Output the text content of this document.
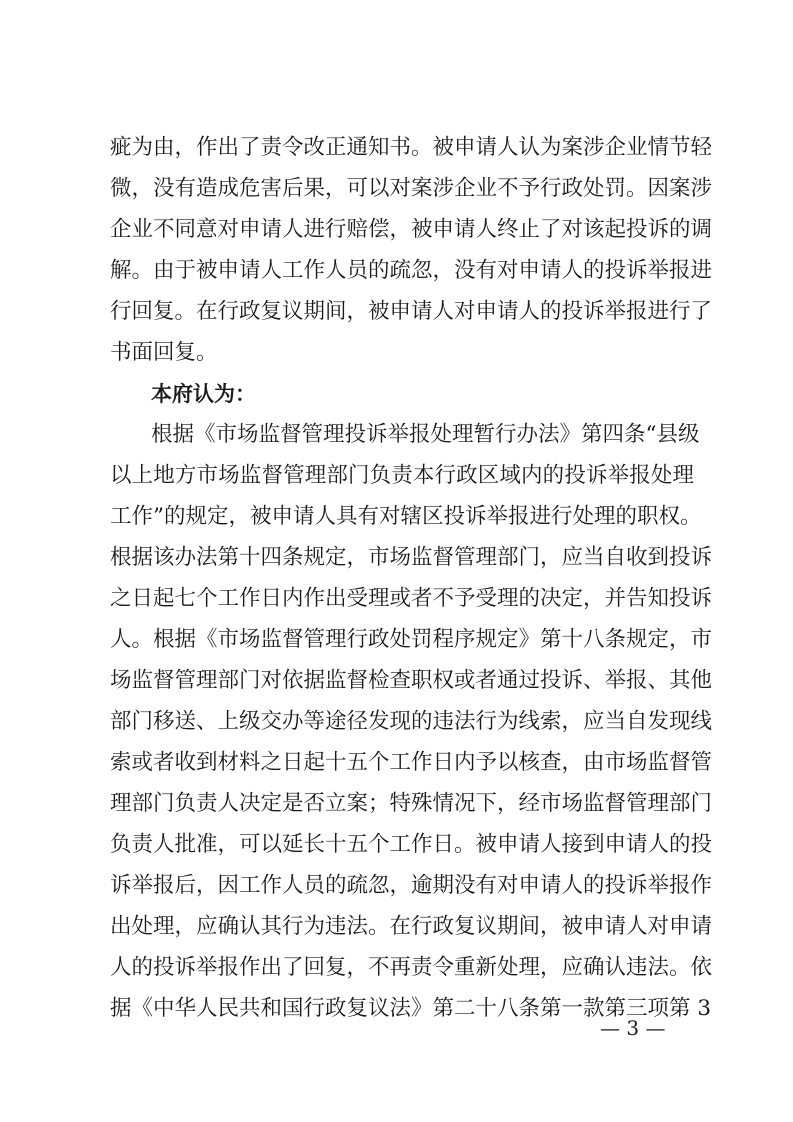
疵为由，作出了责令改正通知书。被申请人认为案涉企业情节轻
微，没有造成危害后果，可以对案涉企业不予行政处罚。因案涉
企业不同意对申请人进行赔偿，被申请人终止了对该起投诉的调
解。由于被申请人工作人员的疏忽，没有对申请人的投诉举报进
行回复。在行政复议期间，被申请人对申请人的投诉举报进行了
书面回复。
本府认为：
根据《市场监督管理投诉举报处理暂行办法》第四条“县级
以上地方市场监督管理部门负责本行政区域内的投诉举报处理
工作”的规定，被申请人具有对辖区投诉举报进行处理的职权。
根据该办法第十四条规定，市场监督管理部门，应当自收到投诉
之日起七个工作日内作出受理或者不予受理的决定，并告知投诉
人。根据《市场监督管理行政处罚程序规定》第十八条规定，市
场监督管理部门对依据监督检查职权或者通过投诉、举报、其他
部门移送、上级交办等途径发现的违法行为线索，应当自发现线
索或者收到材料之日起十五个工作日内予以核查，由市场监督管
理部门负责人决定是否立案；特殊情况下，经市场监督管理部门
负责人批准，可以延长十五个工作日。被申请人接到申请人的投
诉举报后，因工作人员的疏忽，逾期没有对申请人的投诉举报作
出处理，应确认其行为违法。在行政复议期间，被申请人对申请
人的投诉举报作出了回复，不再责令重新处理，应确认违法。依
据《中华人民共和国行政复议法》第二十八条第一款第三项第 3
— 3 —
